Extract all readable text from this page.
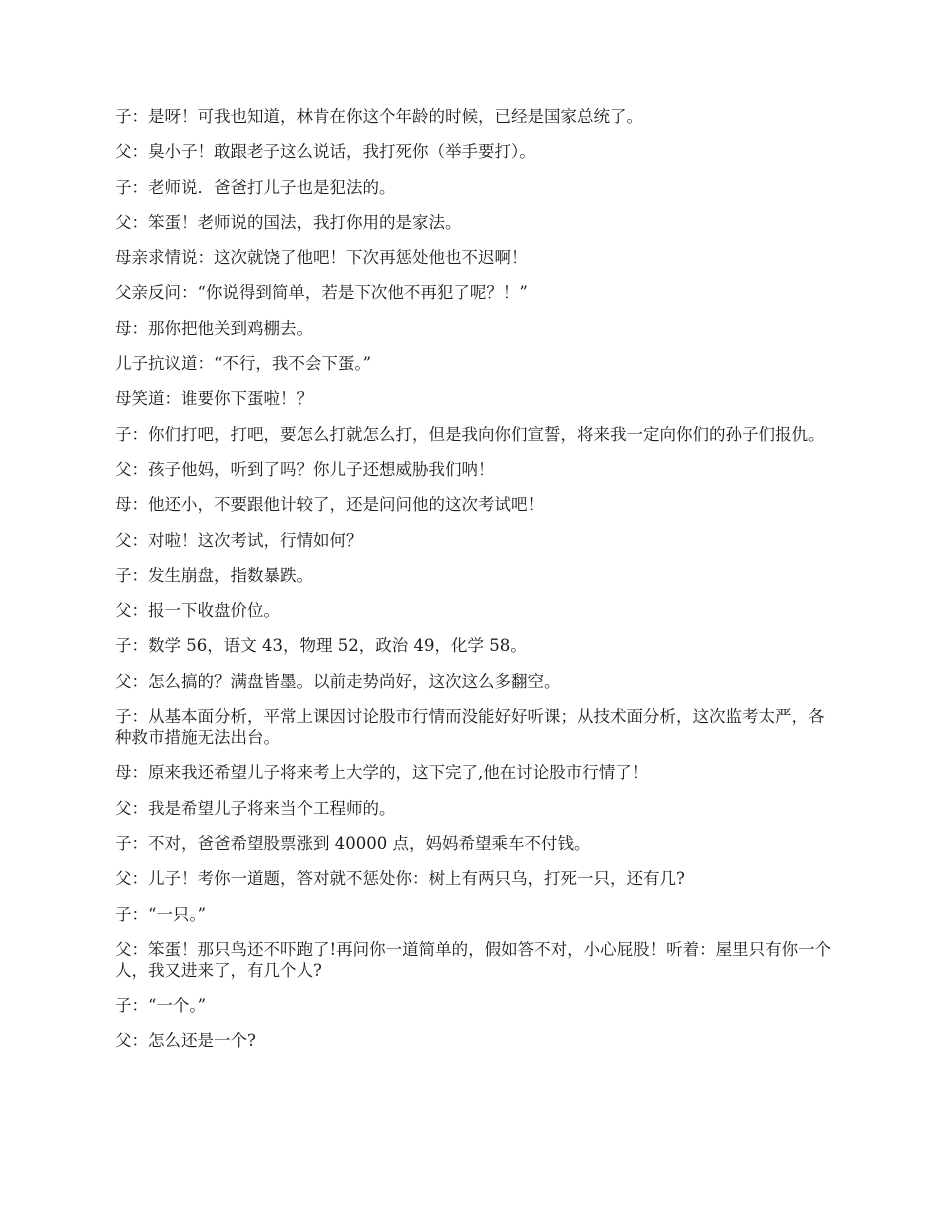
子：是呀！可我也知道，林肯在你这个年龄的时候，已经是国家总统了。
父：臭小子！敢跟老子这么说话，我打死你（举手要打）。
子：老师说．爸爸打儿子也是犯法的。
父：笨蛋！老师说的国法，我打你用的是家法。
母亲求情说：这次就饶了他吧！下次再惩处他也不迟啊！
父亲反问：“你说得到简单，若是下次他不再犯了呢？！”
母：那你把他关到鸡棚去。
儿子抗议道：“不行，我不会下蛋。”
母笑道：谁要你下蛋啦！？
子：你们打吧，打吧，要怎么打就怎么打，但是我向你们宣誓，将来我一定向你们的孙子们报仇。
父：孩子他妈，听到了吗？你儿子还想威胁我们呐！
母：他还小，不要跟他计较了，还是问问他的这次考试吧！
父：对啦！这次考试，行情如何？
子：发生崩盘，指数暴跌。
父：报一下收盘价位。
子：数学 56，语文 43，物理 52，政治 49，化学 58。
父：怎么搞的？满盘皆墨。以前走势尚好，这次这么多翻空。
子：从基本面分析，平常上课因讨论股市行情而没能好好听课；从技术面分析，这次监考太严，各种救市措施无法出台。
母：原来我还希望儿子将来考上大学的，这下完了,他在讨论股市行情了！
父：我是希望儿子将来当个工程师的。
子：不对，爸爸希望股票涨到 40000 点，妈妈希望乘车不付钱。
父：儿子！考你一道题，答对就不惩处你：树上有两只乌，打死一只，还有几?
子：“一只。”
父：笨蛋！那只鸟还不吓跑了!再问你一道简单的，假如答不对，小心屁股！听着：屋里只有你一个人，我又进来了，有几个人?
子：“一个。”
父：怎么还是一个?
